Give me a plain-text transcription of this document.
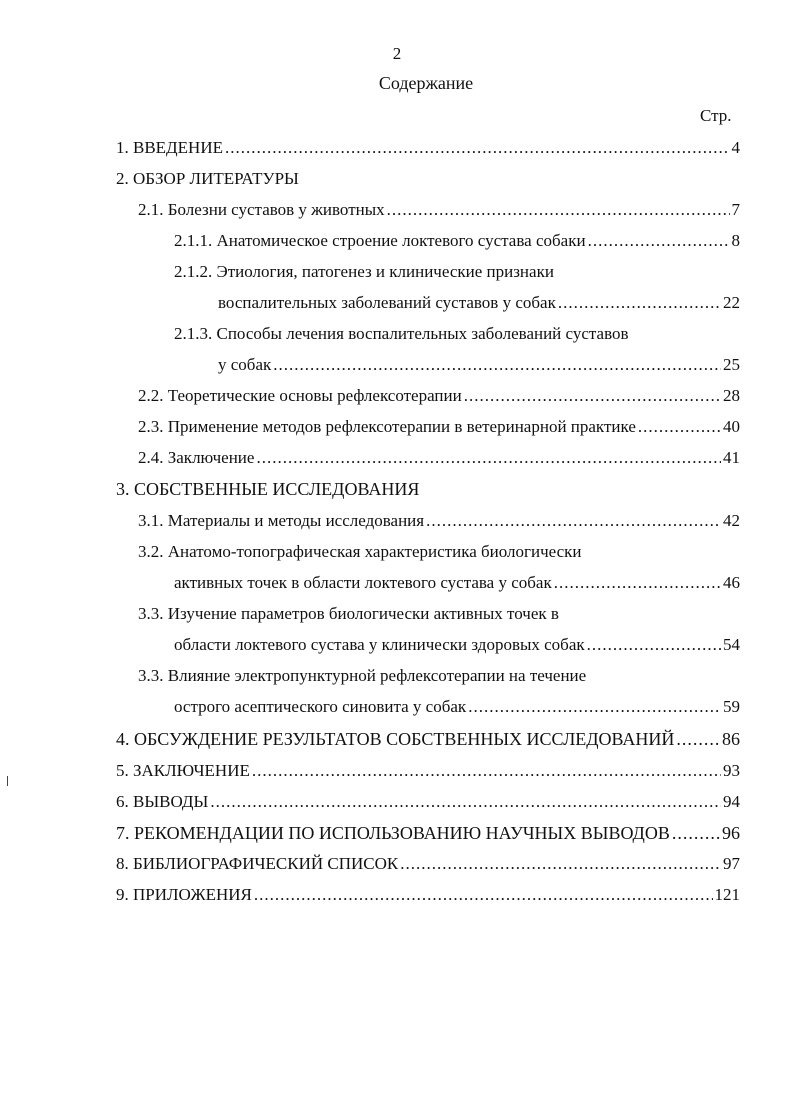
2
Содержание
Стр.
1. ВВЕДЕНИЕ .....	4
2. ОБЗОР ЛИТЕРАТУРЫ
2.1. Болезни суставов у животных .....	7
2.1.1. Анатомическое строение локтевого сустава собаки .....	8
2.1.2. Этиология, патогенез и клинические признаки
воспалительных заболеваний суставов у собак .....	22
2.1.3. Способы лечения воспалительных заболеваний суставов
у собак .....	25
2.2. Теоретические основы рефлексотерапии .....	28
2.3. Применение методов рефлексотерапии в ветеринарной практике .....	40
2.4. Заключение .....	41
3. СОБСТВЕННЫЕ ИССЛЕДОВАНИЯ
3.1. Материалы и методы исследования .....	42
3.2. Анатомо-топографическая характеристика биологически
активных точек в области локтевого сустава у собак .....	46
3.3. Изучение параметров биологически активных точек в
области локтевого сустава у клинически здоровых собак .....	54
3.3. Влияние электропунктурной рефлексотерапии на течение
острого асептического синовита у собак .....	59
4. ОБСУЖДЕНИЕ РЕЗУЛЬТАТОВ СОБСТВЕННЫХ ИССЛЕДОВАНИЙ .....	86
5. ЗАКЛЮЧЕНИЕ .....	93
6. ВЫВОДЫ .....	94
7. РЕКОМЕНДАЦИИ ПО ИСПОЛЬЗОВАНИЮ НАУЧНЫХ ВЫВОДОВ .....	96
8. БИБЛИОГРАФИЧЕСКИЙ СПИСОК .....	97
9. ПРИЛОЖЕНИЯ .....	121
